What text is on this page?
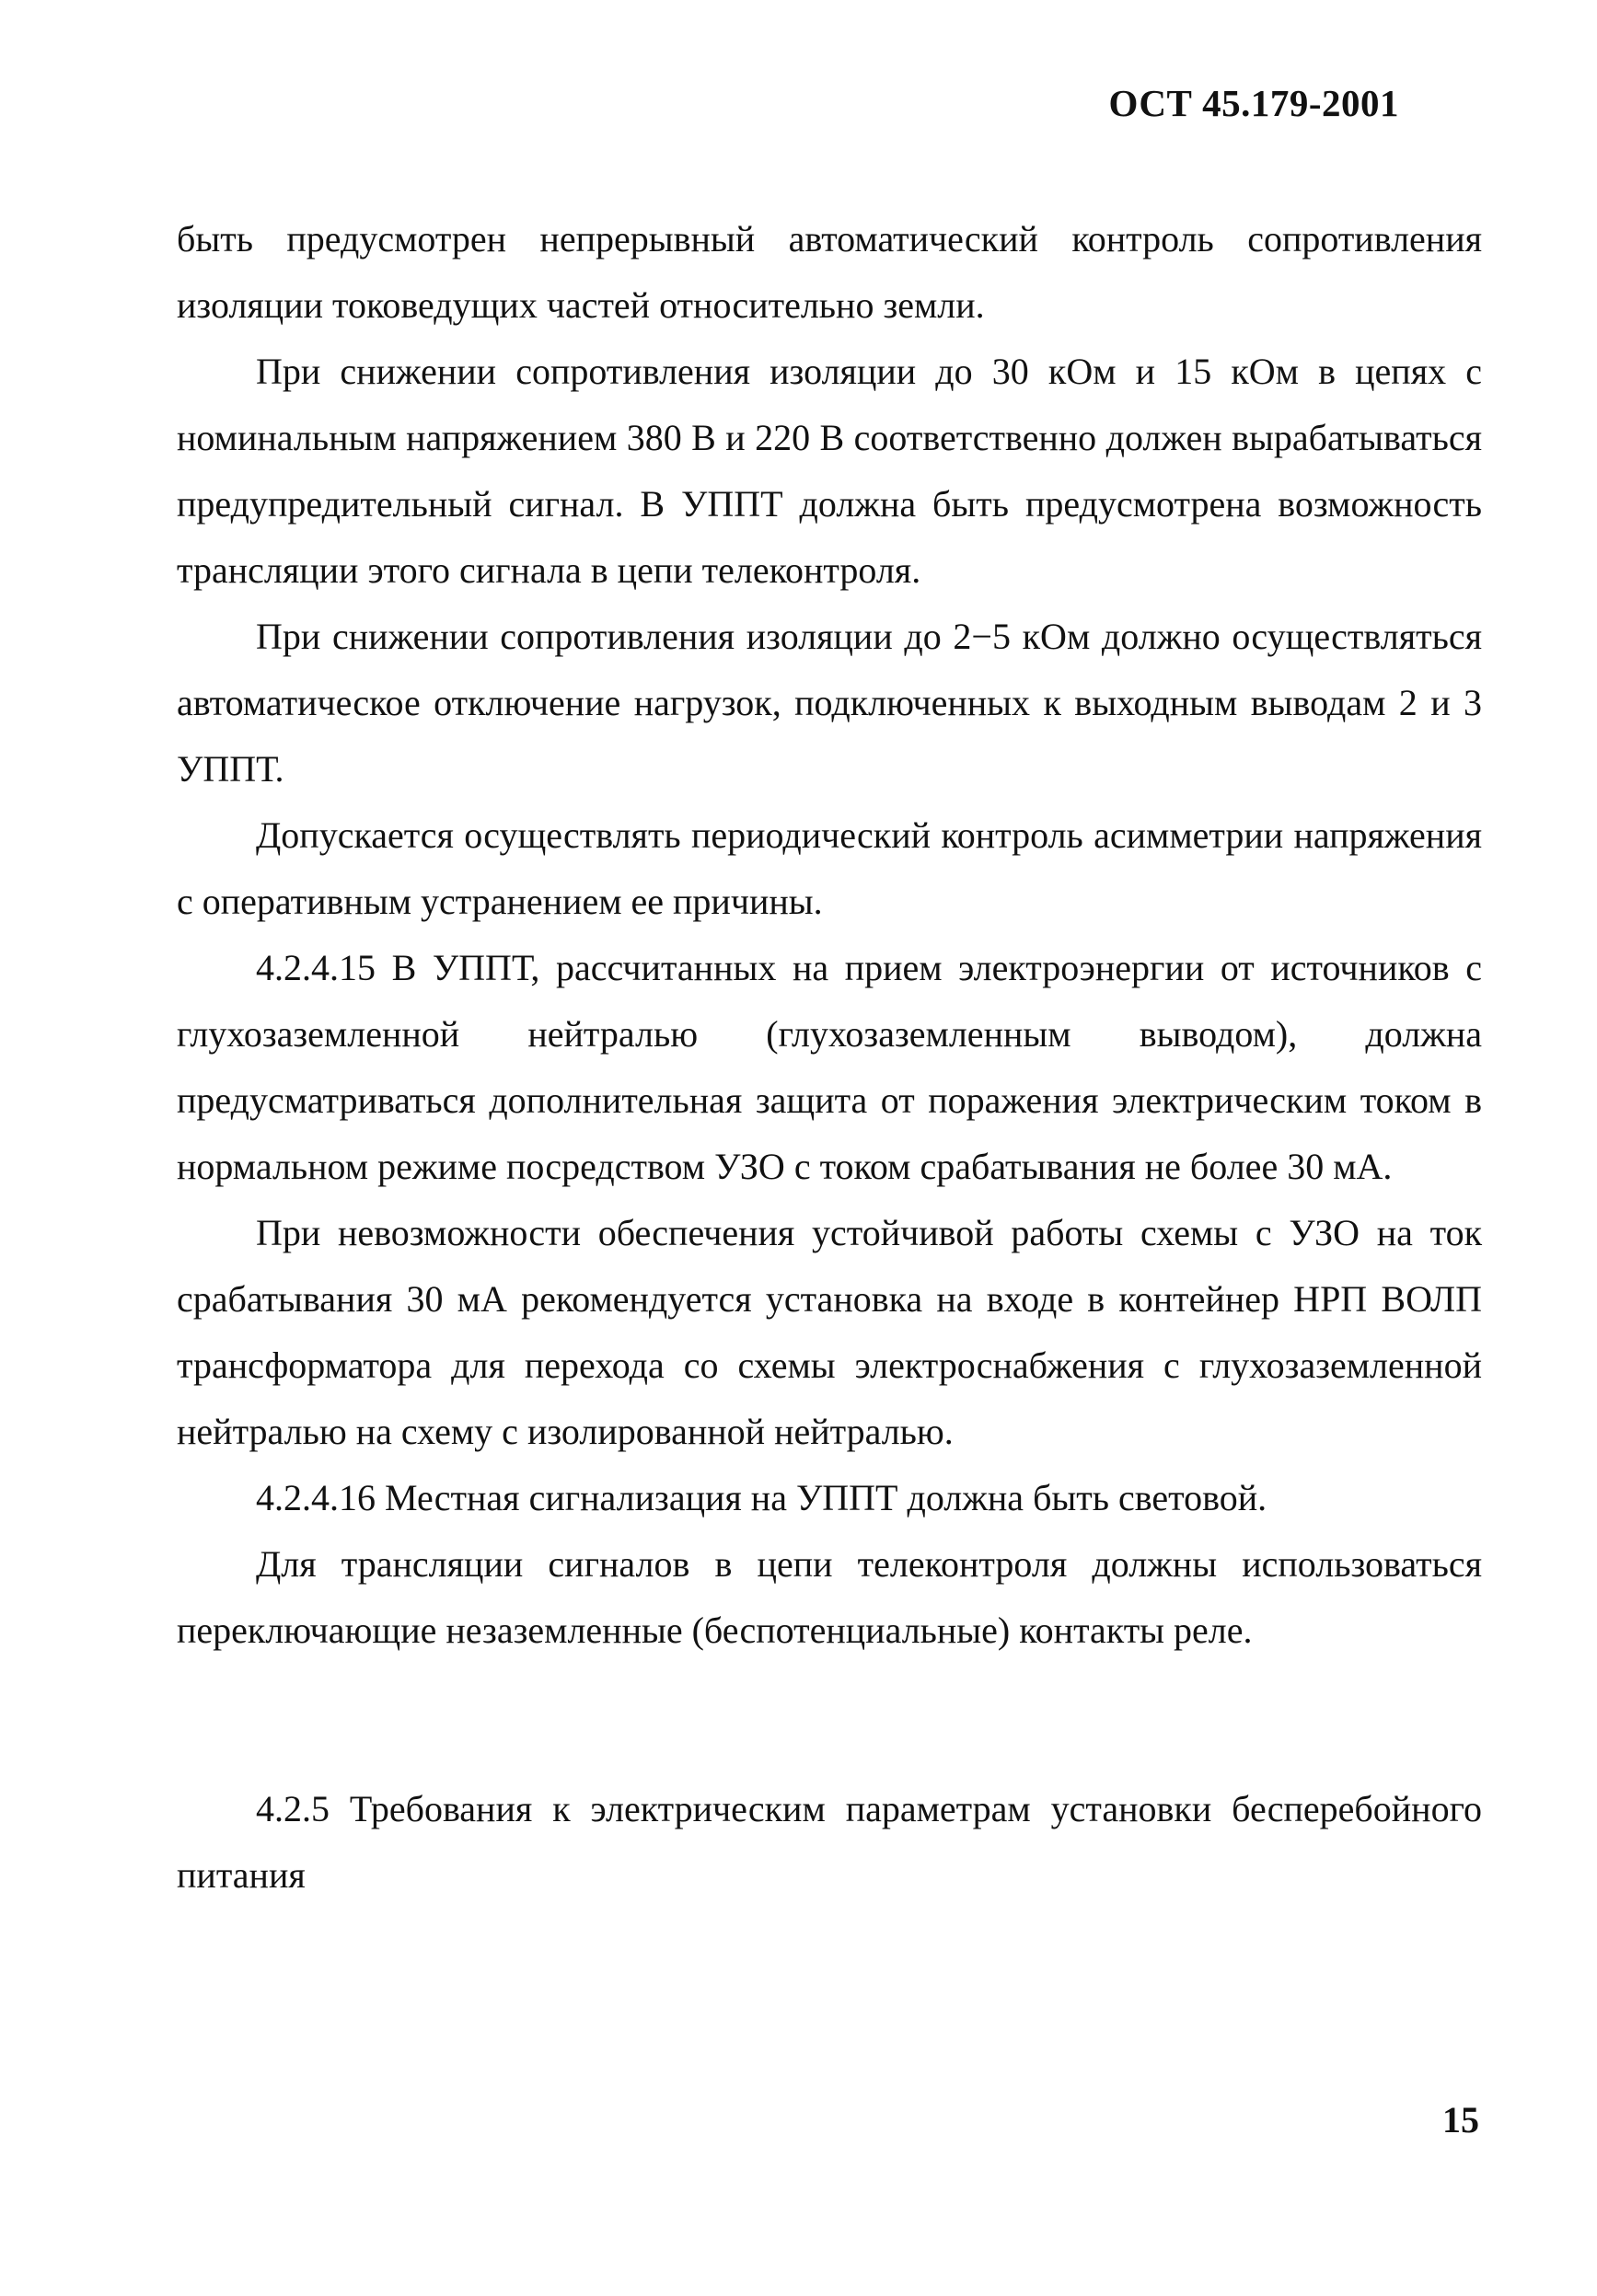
ОСТ 45.179-2001

быть предусмотрен непрерывный автоматический контроль сопротивления изоляции токоведущих частей относительно земли.

При снижении сопротивления изоляции до 30 кОм и 15 кОм в цепях с номинальным напряжением 380 В и 220 В соответственно должен вырабатываться предупредительный сигнал. В УППТ должна быть предусмотрена возможность трансляции этого сигнала в цепи телеконтроля.

При снижении сопротивления изоляции до 2−5 кОм должно осуществляться автоматическое отключение нагрузок, подключенных к выходным выводам 2 и 3 УППТ.

Допускается осуществлять периодический контроль асимметрии напряжения с оперативным устранением ее причины.

4.2.4.15 В УППТ, рассчитанных на прием электроэнергии от источников с глухозаземленной нейтралью (глухозаземленным выводом), должна предусматриваться дополнительная защита от поражения электрическим током в нормальном режиме посредством УЗО с током срабатывания не более 30 мА.

При невозможности обеспечения устойчивой работы схемы с УЗО на ток срабатывания 30 мА рекомендуется установка на входе в контейнер НРП ВОЛП трансформатора для перехода со схемы электроснабжения с глухозаземленной нейтралью на схему с изолированной нейтралью.

4.2.4.16 Местная сигнализация на УППТ должна быть световой.

Для трансляции сигналов в цепи телеконтроля должны использоваться переключающие незаземленные (беспотенциальные) контакты реле.

4.2.5 Требования к электрическим параметрам установки бесперебойного питания

15
